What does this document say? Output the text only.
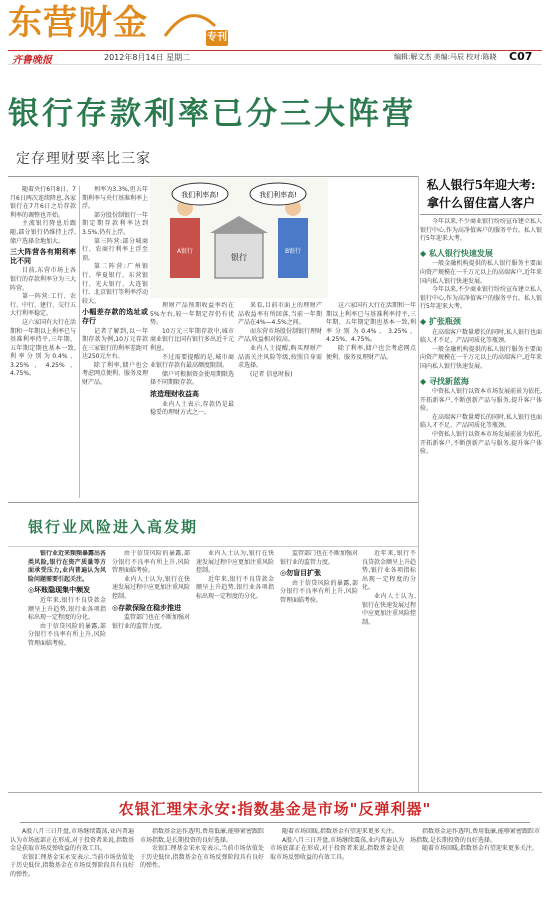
东营财金	专刊
齐鲁晚报	2012年8月14日 星期二	编辑:解文杰 美编:马辰 校对:陈晓 C07
银行存款利率已分三大阵营
定存理财要率比三家

随着央行6月8日、7月6日两次连续降息,各家银行在7月6日之后存款利率的调整也开始。

主流银行降息后跟随,部分银行仍维持上浮,储户选择余地加大。

三大阵营各有期利率比不同

目前,东营市场上各银行的存款利率分为三大阵营。

第一阵营:工行、农行、中行、建行、交行五大行利率稳定。

这六家国有大行在活期和一年期以上利率已与基准利率持平,三年期、五年期定期也基本一致,利率分别为0.4%、3.25%、4.25%、4.75%。

利率为3.3%,但五年期利率与央行基准利率上浮。

部分股份制银行一年期定期存款利率达到3.5%,仍有上浮。

第三阵营:部分城商行、农商行利率上浮至顶。

第二阵营:广州银行、华夏银行、东营银行、光大银行、大连银行、北京银行等利率浮动较大。

小幅差存款的选址或存行

记者了解到,以一年期存款为例,10万元存款在三家银行的利率差距可达250元左右。

除了利率,储户也会考虑网点便利、服务及理财产品。

我们利率高!	我们利率高!
银行
A银行	B银行

理财产品预期收益率约在5%左右,较一年期定存仍有优势。

10万元三年期存款中,城市商业银行比国有银行多出近千元利息。

不过需要提醒的是,城市商业银行存款有最高额度限制。

储户可根据资金使用期限选择不同期限存款。

浓造理财收益高

业内人士表示,存款仍是最稳妥的理财方式之一。

来看,目前市面上的理财产品收益率有所回落,当前一年期产品在4%—4.5%之间。

而东营市场股份制银行理财产品,收益相对较高。

业内人士提醒,购买理财产品需关注风险等级,按照自身需求选择。

(记者 信息时报)

这六家国有大行在活期和一年期以上利率已与基准利率持平,三年期、五年期定期也基本一致,利率分别为0.4%、3.25%、4.25%、4.75%。

除了利率,储户也会考虑网点便利、服务及理财产品。

私人银行5年迎大考:
拿什么留住富人客户

今年以来,不少商业银行纷纷宣布建立私人银行中心,作为高净值客户的服务平台。私人银行5年迎来大考。

◆ 私人银行快速发展

一般金融机构提供的私人银行服务主要面向资产规模在一千万元以上的高端客户,近年来国内私人银行快速发展。

今年以来,不少商业银行纷纷宣布建立私人银行中心,作为高净值客户的服务平台。私人银行5年迎来大考。

◆ 扩张瓶颈

在高端客户数量增长的同时,私人银行也面临人才不足、产品同质化等瓶颈。

一般金融机构提供的私人银行服务主要面向资产规模在一千万元以上的高端客户,近年来国内私人银行快速发展。

◆ 寻找新蓝海

中资私人银行以资本市场发展前景为依托,开拓新客户,不断创新产品与服务,提升客户体验。

在高端客户数量增长的同时,私人银行也面临人才不足、产品同质化等瓶颈。

中资私人银行以资本市场发展前景为依托,开拓新客户,不断创新产品与服务,提升客户体验。

银行业风险进入高发期

银行业近来频频暴露出各类风险,银行在资产质量等方面承受压力,业内普遍认为风险问题需要引起关注。

◎坏账隐现集中频发

近年来,银行不良贷款金额呈上升趋势,银行业各项指标出现一定程度的分化。

由于信贷风险的暴露,部分银行不良率有所上升,风险管理面临考验。

由于信贷风险的暴露,部分银行不良率有所上升,风险管理面临考验。

业内人士认为,银行在快速发展过程中应更加注重风险控制。

◎存款保险在稳步推进

监管部门也在不断加强对银行业的监管力度。

业内人士认为,银行在快速发展过程中应更加注重风险控制。

近年来,银行不良贷款金额呈上升趋势,银行业各项指标出现一定程度的分化。

监管部门也在不断加强对银行业的监管力度。

◎勿盲目扩张

由于信贷风险的暴露,部分银行不良率有所上升,风险管理面临考验。

近年来,银行不良贷款金额呈上升趋势,银行业各项指标出现一定程度的分化。

业内人士认为,银行在快速发展过程中应更加注重风险控制。

农银汇理宋永安:指数基金是市场"反弹利器"

A股八月三日开盘,市场继续震荡,业内普遍认为市场底部正在形成,对于投资者来说,指数基金是获取市场反弹收益的有效工具。

农银汇理基金宋永安表示,当前市场估值处于历史低位,指数基金在市场反弹阶段具有良好的弹性。

指数基金运作透明,费用低廉,能够紧密跟踪市场指数,是长期投资的良好选择。

农银汇理基金宋永安表示,当前市场估值处于历史低位,指数基金在市场反弹阶段具有良好的弹性。

随着市场回暖,指数基金有望迎来更多关注。

A股八月三日开盘,市场继续震荡,业内普遍认为市场底部正在形成,对于投资者来说,指数基金是获取市场反弹收益的有效工具。

指数基金运作透明,费用低廉,能够紧密跟踪市场指数,是长期投资的良好选择。

随着市场回暖,指数基金有望迎来更多关注。
